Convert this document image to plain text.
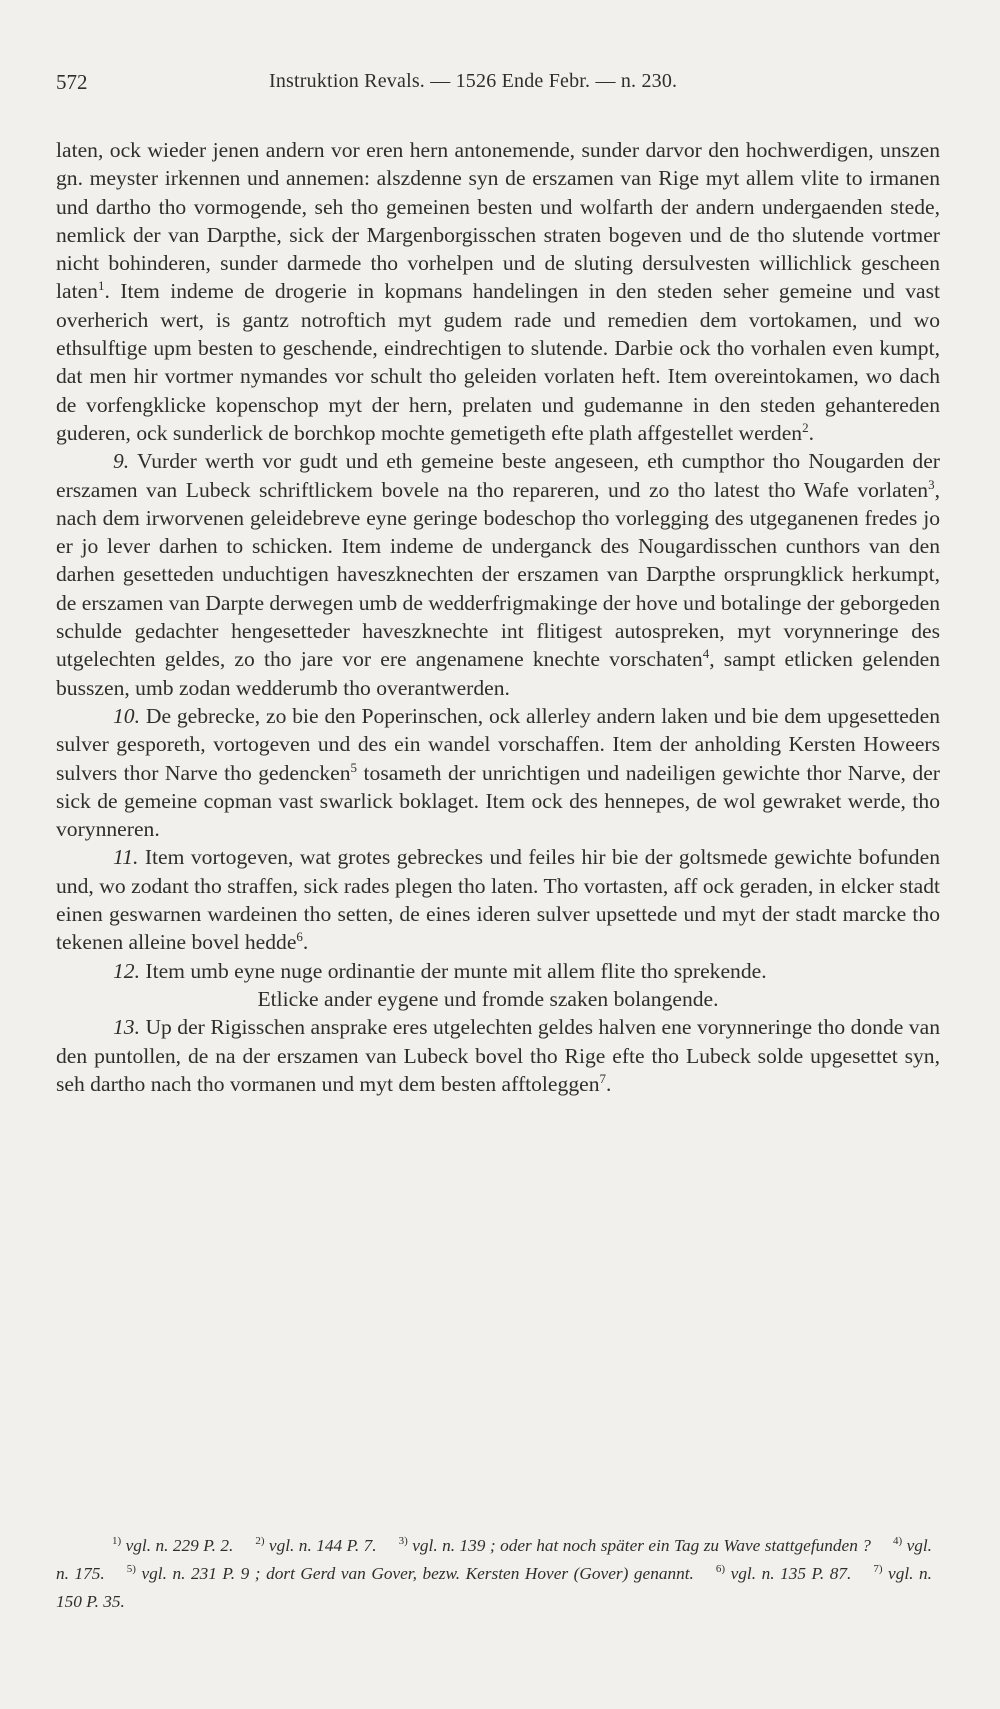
572	Instruktion Revals. — 1526 Ende Febr. — n. 230.

laten, ock wieder jenen andern vor eren hern antonemende, sunder darvor den hochwerdigen, unszen gn. meyster irkennen und annemen: alszdenne syn de erszamen van Rige myt allem vlite to irmanen und dartho tho vormogende, seh tho gemeinen besten und wolfarth der andern undergaenden stede, nemlick der van Darpthe, sick der Margenborgisschen straten bogeven und de tho slutende vortmer nicht bohinderen, sunder darmede tho vorhelpen und de sluting dersulvesten willichlick gescheen laten$^1$. Item indeme de drogerie in kopmans handelingen in den steden seher gemeine und vast overherich wert, is gantz notroftich myt gudem rade und remedien dem vortokamen, und wo ethsulftige upm besten to geschende, eindrechtigen to slutende. Darbie ock tho vorhalen even kumpt, dat men hir vortmer nymandes vor schult tho geleiden vorlaten heft. Item overeintokamen, wo dach de vorfengklicke kopenschop myt der hern, prelaten und gudemanne in den steden gehantereden guderen, ock sunderlick de borchkop mochte gemetigeth efte plath affgestellet werden$^2$.

9. Vurder werth vor gudt und eth gemeine beste angeseen, eth cumpthor tho Nougarden der erszamen van Lubeck schriftlickem bovele na tho repareren, und zo tho latest tho Wafe vorlaten$^3$, nach dem irworvenen geleidebreve eyne geringe bodeschop tho vorlegging des utgeganenen fredes jo er jo lever darhen to schicken. Item indeme de underganck des Nougardisschen cunthors van den darhen gesetteden unduchtigen haveszknechten der erszamen van Darpthe orsprungklick herkumpt, de erszamen van Darpte derwegen umb de wedderfrigmakinge der hove und botalinge der geborgeden schulde gedachter hengesetteder haveszknechte int flitigest autospreken, myt vorynneringe des utgelechten geldes, zo tho jare vor ere angenamene knechte vorschaten$^4$, sampt etlicken gelenden busszen, umb zodan wedderumb tho overantwerden.

10. De gebrecke, zo bie den Poperinschen, ock allerley andern laken und bie dem upgesetteden sulver gesporeth, vortogeven und des ein wandel vorschaffen. Item der anholding Kersten Howeers sulvers thor Narve tho gedencken$^5$ tosameth der unrichtigen und nadeiligen gewichte thor Narve, der sick de gemeine copman vast swarlick boklaget. Item ock des hennepes, de wol gewraket werde, tho vorynneren.

11. Item vortogeven, wat grotes gebreckes und feiles hir bie der goltsmede gewichte bofunden und, wo zodant tho straffen, sick rades plegen tho laten. Tho vortasten, aff ock geraden, in elcker stadt einen geswarnen wardeinen tho setten, de eines ideren sulver upsettede und myt der stadt marcke tho tekenen alleine bovel hedde$^6$.

12. Item umb eyne nuge ordinantie der munte mit allem flite tho sprekende.

Etlicke ander eygene und fromde szaken bolangende.

13. Up der Rigisschen ansprake eres utgelechten geldes halven ene vorynneringe tho donde van den puntollen, de na der erszamen van Lubeck bovel tho Rige efte tho Lubeck solde upgesettet syn, seh dartho nach tho vormanen und myt dem besten afftoleggen$^7$.

$^{1)}$ vgl. n. 229 P. 2. $^{2)}$ vgl. n. 144 P. 7. $^{3)}$ vgl. n. 139 ; oder hat noch später ein Tag zu Wave stattgefunden ? $^{4)}$ vgl. n. 175. $^{5)}$ vgl. n. 231 P. 9 ; dort Gerd van Gover, bezw. Kersten Hover (Gover) genannt. $^{6)}$ vgl. n. 135 P. 87. $^{7)}$ vgl. n. 150 P. 35.
